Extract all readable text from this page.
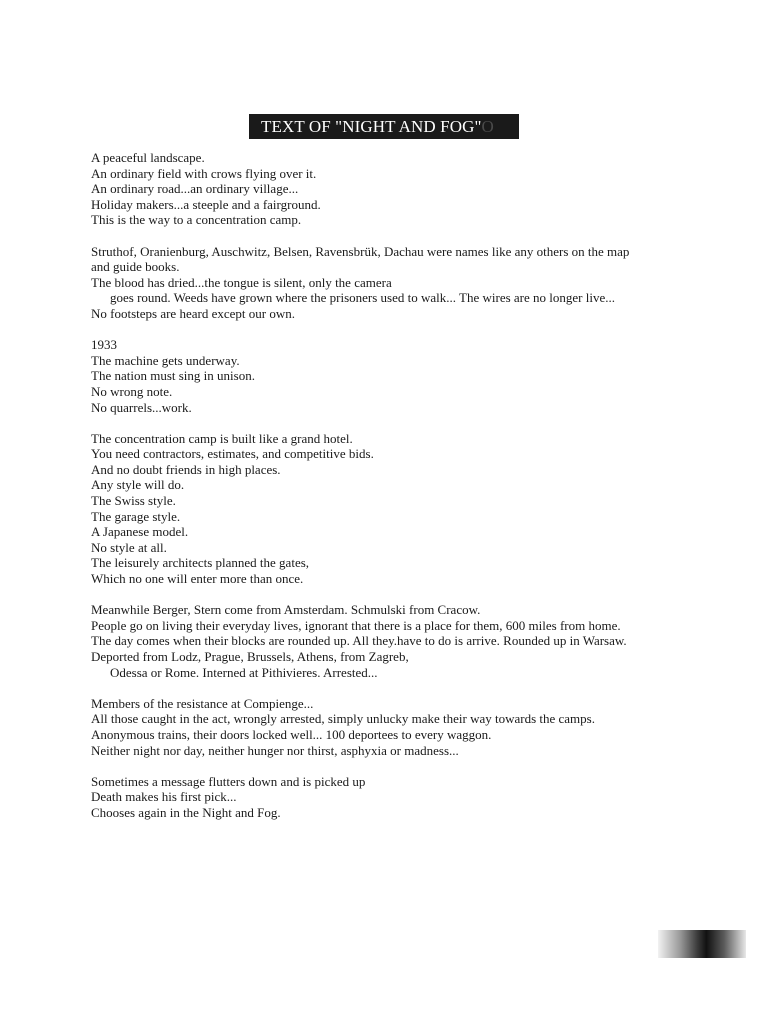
TEXT OF "NIGHT AND FOG" O
A peaceful landscape.
An ordinary field with crows flying over it.
An ordinary road...an ordinary village...
Holiday makers...a steeple and a fairground.
This is the way to a concentration camp.
Struthof, Oranienburg, Auschwitz, Belsen, Ravensbrük, Dachau were names like any others on the map
and guide books.
The blood has dried...the tongue is silent, only the camera
goes round. Weeds have grown where the prisoners used to walk... The wires are no longer live...
No footsteps are heard except our own.
1933
The machine gets underway.
The nation must sing in unison.
No wrong note.
No quarrels...work.
The concentration camp is built like a grand hotel.
You need contractors, estimates, and competitive bids.
And no doubt friends in high places.
Any style will do.
The Swiss style.
The garage style.
A Japanese model.
No style at all.
The leisurely architects planned the gates,
Which no one will enter more than once.
Meanwhile Berger, Stern come from Amsterdam. Schmulski from Cracow.
People go on living their everyday lives, ignorant that there is a place for them, 600 miles from home.
The day comes when their blocks are rounded up. All they.have to do is arrive. Rounded up in Warsaw.
Deported from Lodz, Prague, Brussels, Athens, from Zagreb,
Odessa or Rome. Interned at Pithivieres. Arrested...
Members of the resistance at Compienge...
All those caught in the act, wrongly arrested, simply unlucky make their way towards the camps.
Anonymous trains, their doors locked well... 100 deportees to every waggon.
Neither night nor day, neither hunger nor thirst, asphyxia or madness...
Sometimes a message flutters down and is picked up
Death makes his first pick...
Chooses again in the Night and Fog.
